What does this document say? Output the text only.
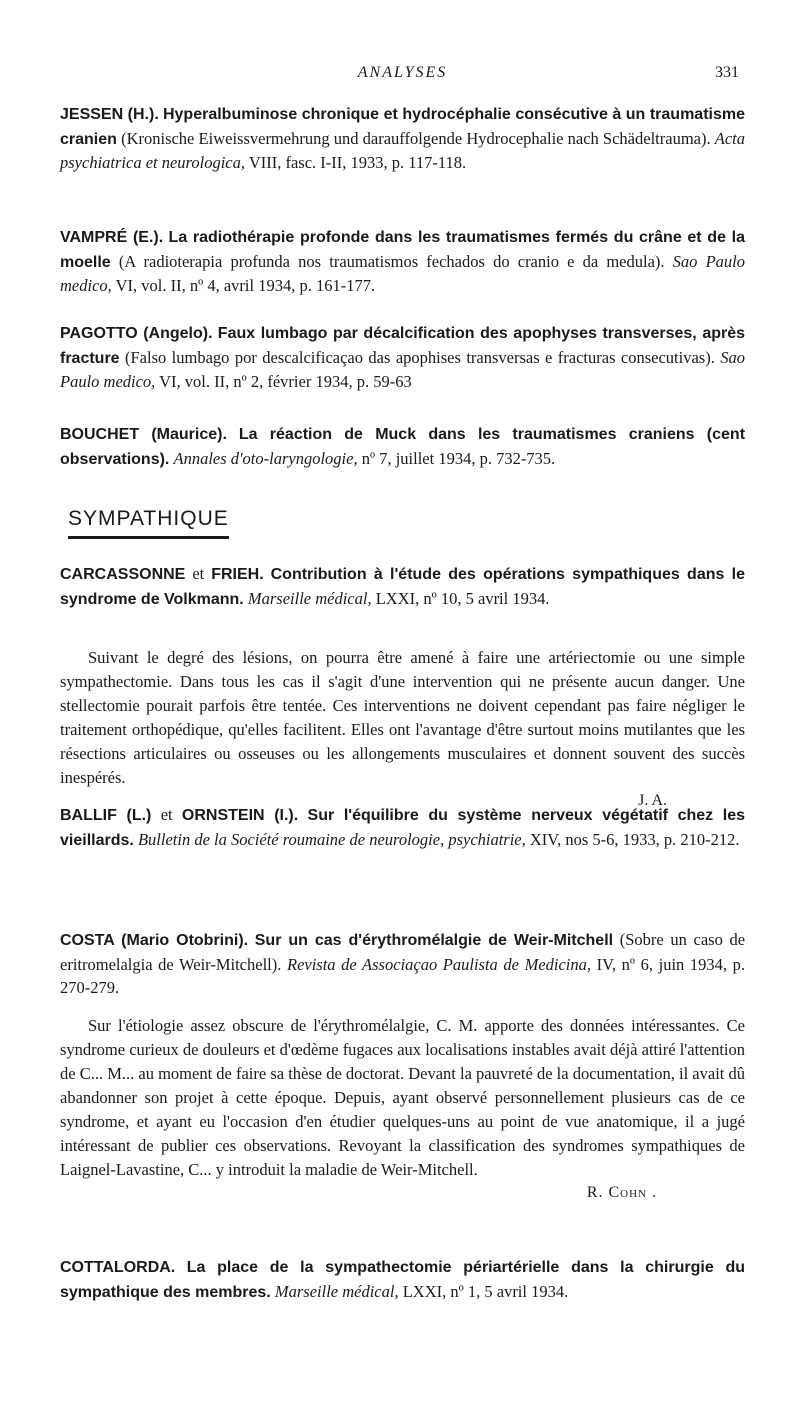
ANALYSES	331
JESSEN (H.). Hyperalbuminose chronique et hydrocéphalie consécutive à un traumatisme cranien (Kronische Eiweissvermehrung und darauffolgende Hydrocephalie nach Schädeltrauma). Acta psychiatrica et neurologica, VIII, fasc. I-II, 1933, p. 117-118.
VAMPRÉ (E.). La radiothérapie profonde dans les traumatismes fermés du crâne et de la moelle (A radioterapia profunda nos traumatismos fechados do cranio e da medula). Sao Paulo medico, VI, vol. II, nº 4, avril 1934, p. 161-177.
PAGOTTO (Angelo). Faux lumbago par décalcification des apophyses transverses, après fracture (Falso lumbago por descalcificaçao das apophises transversas e fracturas consecutivas). Sao Paulo medico, VI, vol. II, nº 2, février 1934, p. 59-63
BOUCHET (Maurice). La réaction de Muck dans les traumatismes craniens (cent observations). Annales d'oto-laryngologie, nº 7, juillet 1934, p. 732-735.
SYMPATHIQUE
CARCASSONNE et FRIEH. Contribution à l'étude des opérations sympathiques dans le syndrome de Volkmann. Marseille médical, LXXI, nº 10, 5 avril 1934.

Suivant le degré des lésions, on pourra être amené à faire une artériectomie ou une simple sympathectomie. Dans tous les cas il s'agit d'une intervention qui ne présente aucun danger. Une stellectomie pourait parfois être tentée. Ces interventions ne doivent cependant pas faire négliger le traitement orthopédique, qu'elles facilitent. Elles ont l'avantage d'être surtout moins mutilantes que les résections articulaires ou osseuses ou les allongements musculaires et donnent souvent des succès inespérés.

J. A.
BALLIF (L.) et ORNSTEIN (I.). Sur l'équilibre du système nerveux végétatif chez les vieillards. Bulletin de la Société roumaine de neurologie, psychiatrie, XIV, nos 5-6, 1933, p. 210-212.
COSTA (Mario Otobrini). Sur un cas d'érythromélalgie de Weir-Mitchell (Sobre un caso de eritromelalgia de Weir-Mitchell). Revista de Associaçao Paulista de Medicina, IV, nº 6, juin 1934, p. 270-279.

Sur l'étiologie assez obscure de l'érythromélalgie, C. M. apporte des données intéressantes. Ce syndrome curieux de douleurs et d'œdème fugaces aux localisations instables avait déjà attiré l'attention de C... M... au moment de faire sa thèse de doctorat. Devant la pauvreté de la documentation, il avait dû abandonner son projet à cette époque. Depuis, ayant observé personnellement plusieurs cas de ce syndrome, et ayant eu l'occasion d'en étudier quelques-uns au point de vue anatomique, il a jugé intéressant de publier ces observations. Revoyant la classification des syndromes sympathiques de Laignel-Lavastine, C... y introduit la maladie de Weir-Mitchell.

R. Cohn .
COTTALORDA. La place de la sympathectomie périartérielle dans la chirurgie du sympathique des membres. Marseille médical, LXXI, nº 1, 5 avril 1934.
